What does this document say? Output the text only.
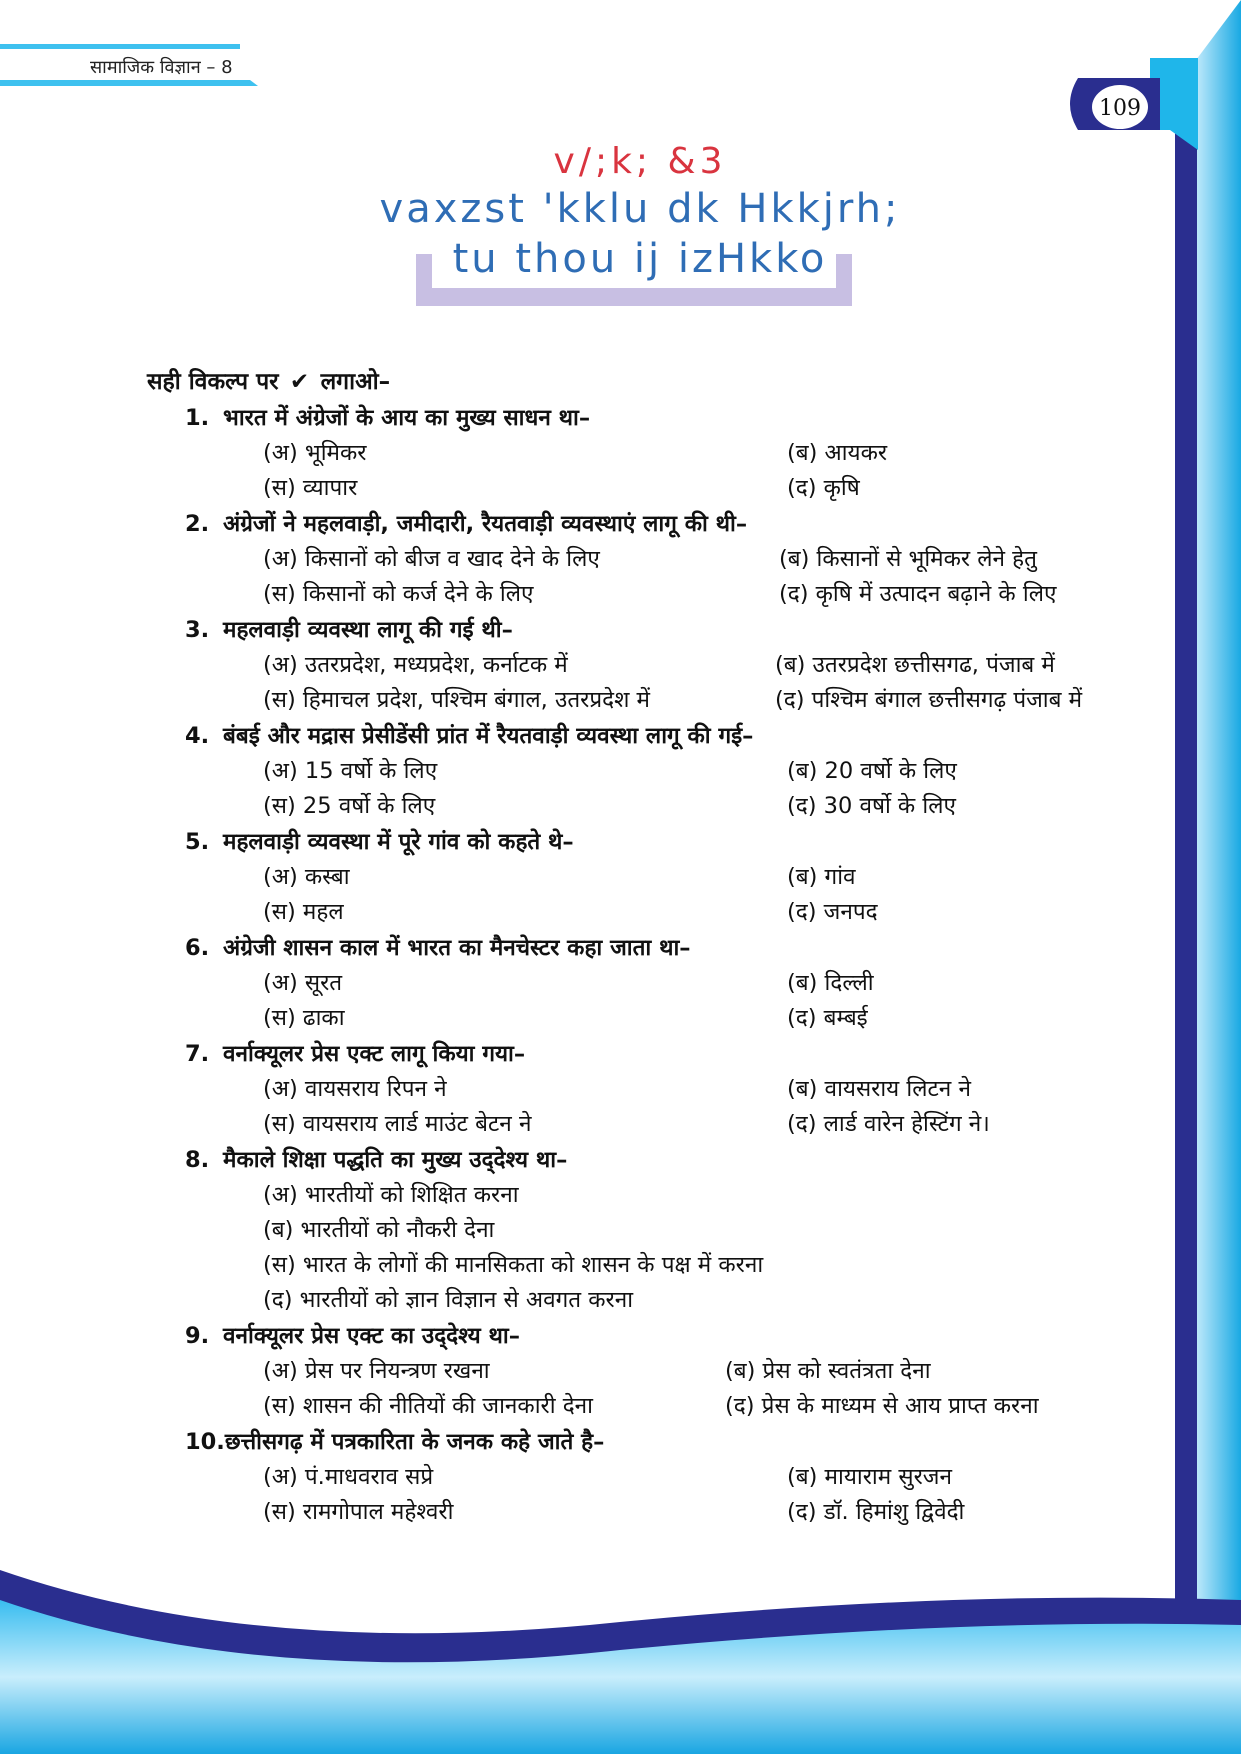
सामाजिक विज्ञान – 8
109
v/;k; &3
vaxzst 'kklu dk Hkkjrh;
tu thou ij izHkko
सही विकल्प पर ✔ लगाओ–
1. भारत में अंग्रेजों के आय का मुख्य साधन था–
(अ) भूमिकर	(ब) आयकर
(स) व्यापार	(द) कृषि
2. अंग्रेजों ने महलवाड़ी, जमीदारी, रैयतवाड़ी व्यवस्थाएं लागू की थी–
(अ) किसानों को बीज व खाद देने के लिए	(ब) किसानों से भूमिकर लेने हेतु
(स) किसानों को कर्ज देने के लिए	(द) कृषि में उत्पादन बढ़ाने के लिए
3. महलवाड़ी व्यवस्था लागू की गई थी–
(अ) उतरप्रदेश, मध्यप्रदेश, कर्नाटक में	(ब) उतरप्रदेश छत्तीसगढ, पंजाब में
(स) हिमाचल प्रदेश, पश्चिम बंगाल, उतरप्रदेश में	(द) पश्चिम बंगाल छत्तीसगढ़ पंजाब में
4. बंबई और मद्रास प्रेसीडेंसी प्रांत में रैयतवाड़ी व्यवस्था लागू की गई–
(अ) 15 वर्षो के लिए	(ब) 20 वर्षो के लिए
(स) 25 वर्षो के लिए	(द) 30 वर्षो के लिए
5. महलवाड़ी व्यवस्था में पूरे गांव को कहते थे–
(अ) कस्बा	(ब) गांव
(स) महल	(द) जनपद
6. अंग्रेजी शासन काल में भारत का मैनचेस्टर कहा जाता था–
(अ) सूरत	(ब) दिल्ली
(स) ढाका	(द) बम्बई
7. वर्नाक्यूलर प्रेस एक्ट लागू किया गया–
(अ) वायसराय रिपन ने	(ब) वायसराय लिटन ने
(स) वायसराय लार्ड माउंट बेटन ने	(द) लार्ड वारेन हेस्टिंग ने।
8. मैकाले शिक्षा पद्धति का मुख्य उद्‌देश्य था–
(अ) भारतीयों को शिक्षित करना
(ब) भारतीयों को नौकरी देना
(स) भारत के लोगों की मानसिकता को शासन के पक्ष में करना
(द) भारतीयों को ज्ञान विज्ञान से अवगत करना
9. वर्नाक्यूलर प्रेस एक्ट का उद्‌देश्य था–
(अ) प्रेस पर नियन्त्रण रखना	(ब) प्रेस को स्वतंत्रता देना
(स) शासन की नीतियों की जानकारी देना	(द) प्रेस के माध्यम से आय प्राप्त करना
10.छत्तीसगढ़ में पत्रकारिता के जनक कहे जाते है–
(अ) पं.माधवराव सप्रे	(ब) मायाराम सुरजन
(स) रामगोपाल महेश्वरी	(द) डॉ. हिमांशु द्विवेदी
